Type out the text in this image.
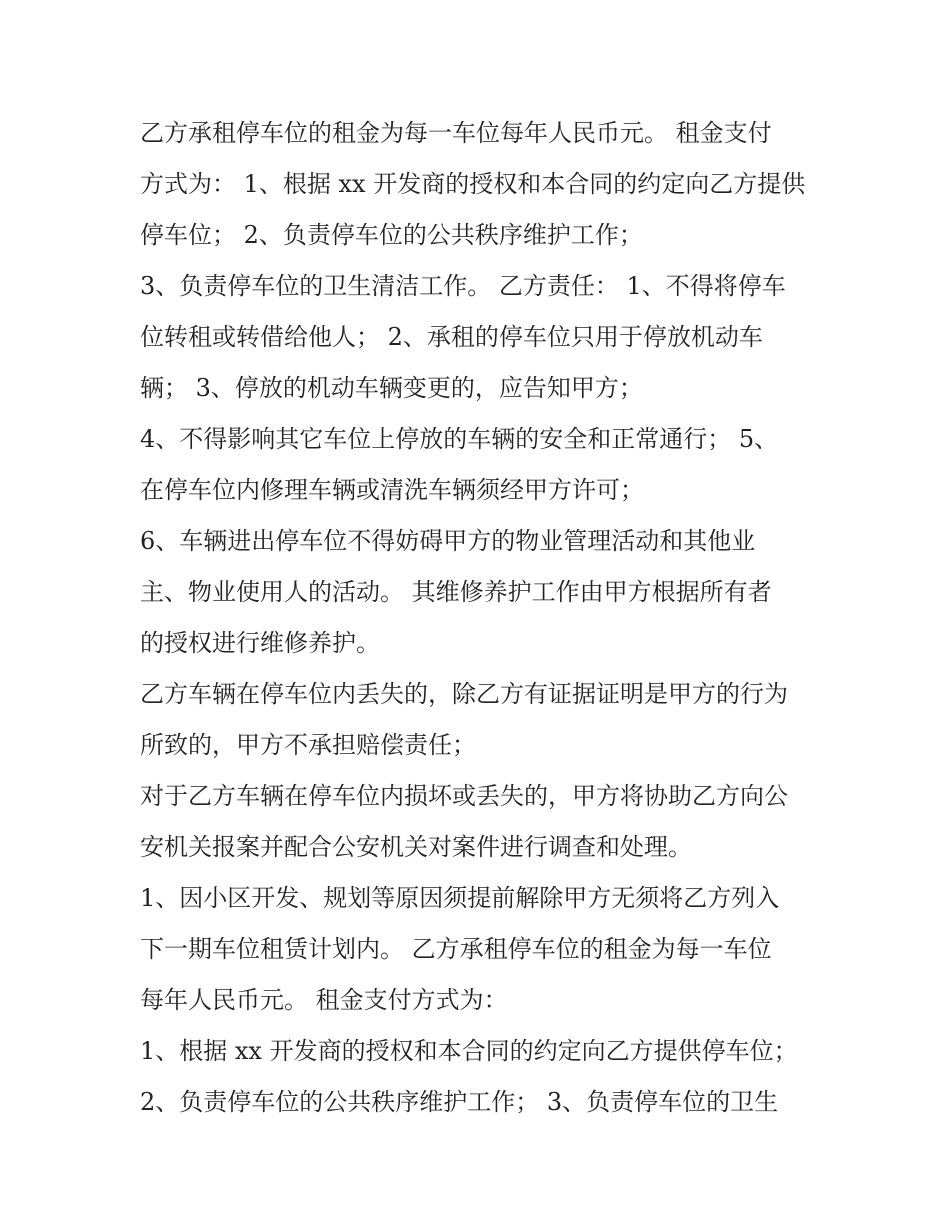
乙方承租停车位的租金为每一车位每年人民币元。 租金支付
方式为： 1、根据 xx 开发商的授权和本合同的约定向乙方提供
停车位； 2、负责停车位的公共秩序维护工作；
3、负责停车位的卫生清洁工作。 乙方责任： 1、不得将停车
位转租或转借给他人； 2、承租的停车位只用于停放机动车
辆； 3、停放的机动车辆变更的，应告知甲方；
4、不得影响其它车位上停放的车辆的安全和正常通行； 5、
在停车位内修理车辆或清洗车辆须经甲方许可；
6、车辆进出停车位不得妨碍甲方的物业管理活动和其他业
主、物业使用人的活动。 其维修养护工作由甲方根据所有者
的授权进行维修养护。
乙方车辆在停车位内丢失的，除乙方有证据证明是甲方的行为
所致的，甲方不承担赔偿责任；
对于乙方车辆在停车位内损坏或丢失的，甲方将协助乙方向公
安机关报案并配合公安机关对案件进行调查和处理。
1、因小区开发、规划等原因须提前解除甲方无须将乙方列入
下一期车位租赁计划内。 乙方承租停车位的租金为每一车位
每年人民币元。 租金支付方式为：
1、根据 xx 开发商的授权和本合同的约定向乙方提供停车位；
2、负责停车位的公共秩序维护工作； 3、负责停车位的卫生
